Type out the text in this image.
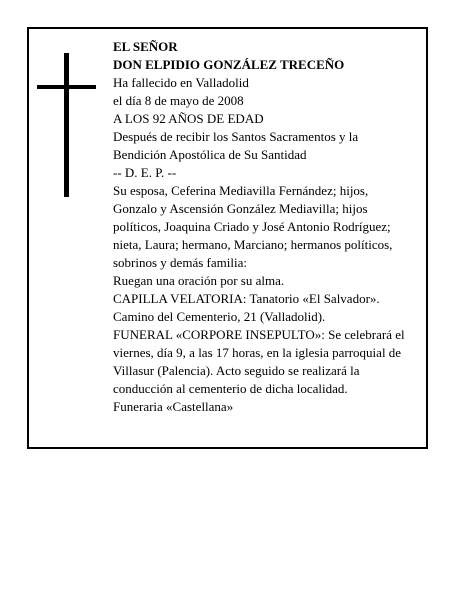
EL SEÑOR
DON ELPIDIO GONZÁLEZ TRECEÑO
Ha fallecido en Valladolid
el día 8 de mayo de 2008
A LOS 92 AÑOS DE EDAD
Después de recibir los Santos Sacramentos y la
Bendición Apostólica de Su Santidad
-- D. E. P. --
Su esposa, Ceferina Mediavilla Fernández; hijos,
Gonzalo y Ascensión González Mediavilla; hijos
políticos, Joaquina Criado y José Antonio Rodríguez;
nieta, Laura; hermano, Marciano; hermanos políticos,
sobrinos y demás familia:
Ruegan una oración por su alma.
CAPILLA VELATORIA: Tanatorio «El Salvador».
Camino del Cementerio, 21 (Valladolid).
FUNERAL «CORPORE INSEPULTO»: Se celebrará el
viernes, día 9, a las 17 horas, en la iglesia parroquial de
Villasur (Palencia). Acto seguido se realizará la
conducción al cementerio de dicha localidad.
Funeraria «Castellana»
